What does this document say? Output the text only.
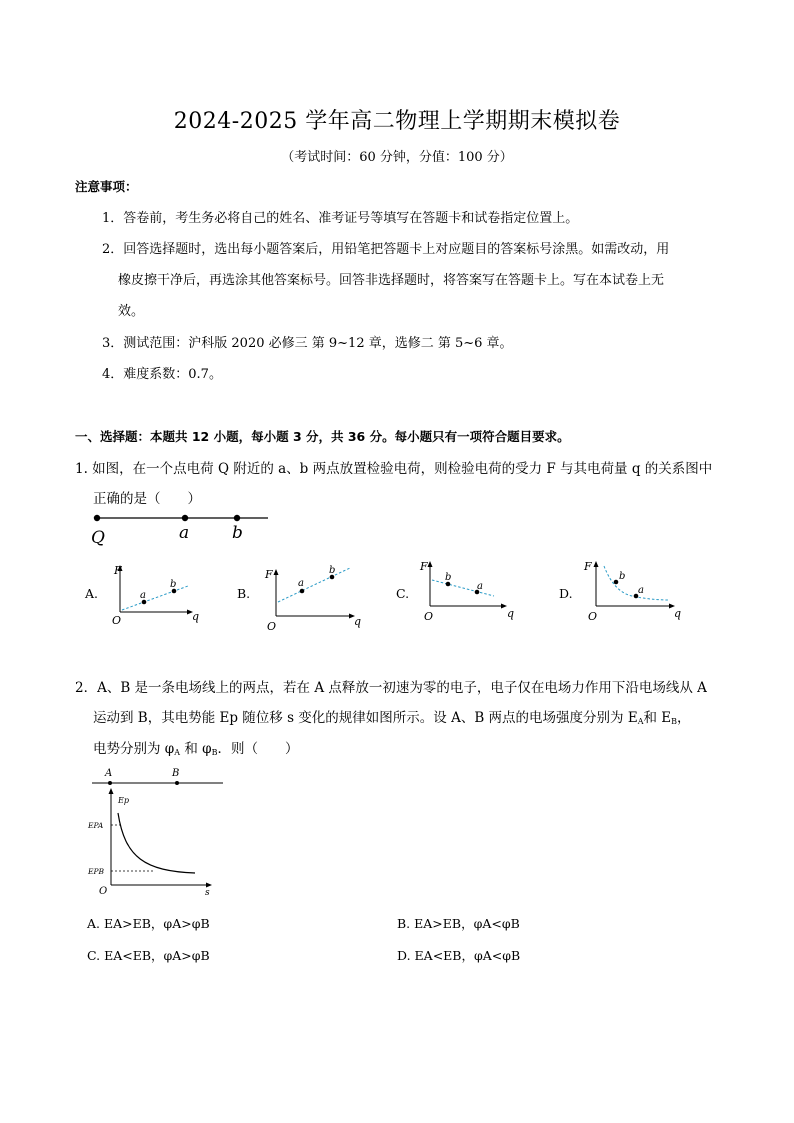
2024-2025 学年高二物理上学期期末模拟卷
（考试时间：60 分钟，分值：100 分）
注意事项：
1．答卷前，考生务必将自己的姓名、准考证号等填写在答题卡和试卷指定位置上。
2．回答选择题时，选出每小题答案后，用铅笔把答题卡上对应题目的答案标号涂黑。如需改动，用
橡皮擦干净后，再选涂其他答案标号。回答非选择题时，将答案写在答题卡上。写在本试卷上无
效。
3．测试范围：沪科版 2020 必修三 第 9~12 章，选修二 第 5~6 章。
4．难度系数：0.7。
一、选择题：本题共 12 小题，每小题 3 分，共 36 分。每小题只有一项符合题目要求。
1. 如图，在一个点电荷 Q 附近的 a、b 两点放置检验电荷，则检验电荷的受力 F 与其电荷量 q 的关系图中
正确的是（　　）
Q	a	b
A.
F
q
O
a
b
B.
F
q
O
a
b
C.
F
q
O
b
a	D.
F
q
O
b
a
2．A、B 是一条电场线上的两点，若在 A 点释放一初速为零的电子，电子仅在电场力作用下沿电场线从 A
运动到 B，其电势能 Ep 随位移 s 变化的规律如图所示。设 A、B 两点的电场强度分别为 $E_A$和 $E_B$，
电势分别为 $\varphi_A$ 和 $\varphi_B$．则（　　）
A	B
Ep
EPA
EPB
O	s
A. EA>EB，φA>φB	B. EA>EB，φA<φB
C. EA<EB，φA>φB	D. EA<EB，φA<φB
